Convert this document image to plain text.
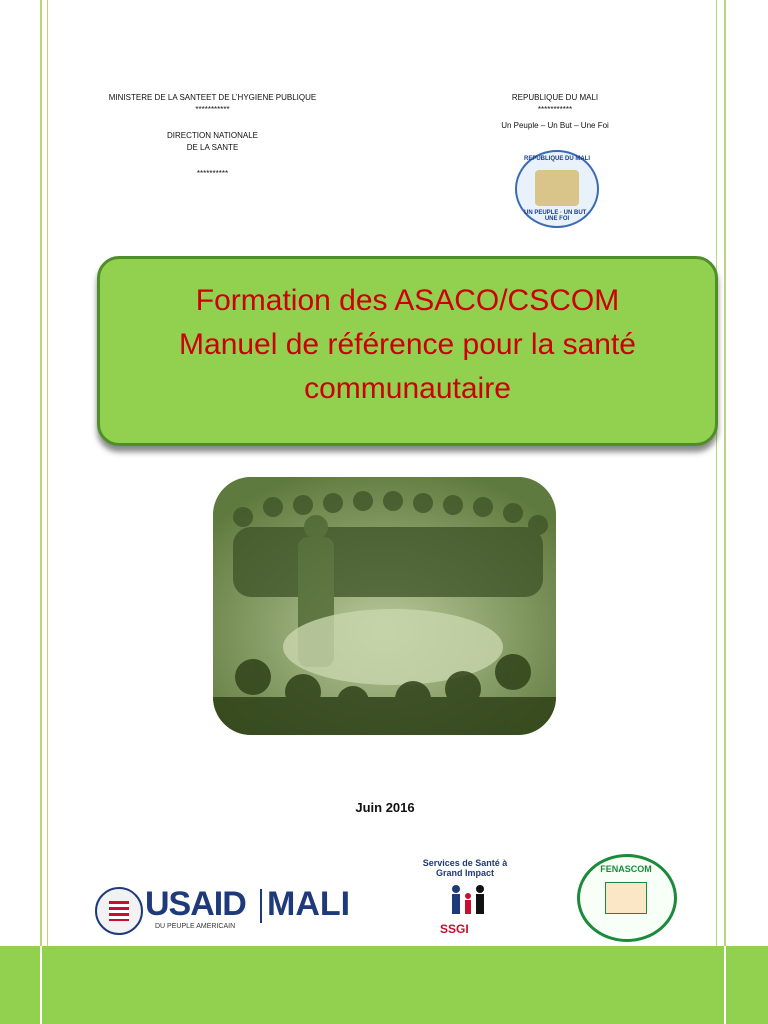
MINISTERE DE LA SANTEET DE L’HYGIENE PUBLIQUE
***********
DIRECTION NATIONALE
DE LA SANTE
**********
REPUBLIQUE DU MALI
***********
Un Peuple – Un But – Une Foi
REPUBLIQUE DU MALI
UN PEUPLE · UN BUT · UNE FOI
Formation des ASACO/CSCOM
Manuel de référence pour la santé
communautaire
Juin 2016
USAID MALI
DU PEUPLE AMERICAIN
Services de Santé à Grand Impact
SSGI
FENASCOM
